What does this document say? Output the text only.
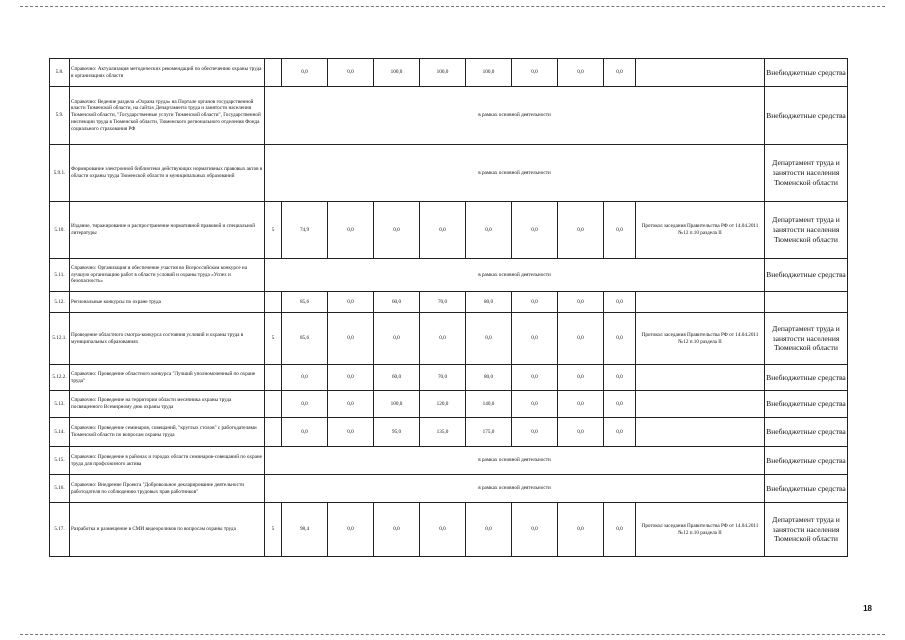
5.8.	Справочно: Актуализация методических рекомендаций по обеспечению охраны труда в организациях области		0,0	0,0	100,0	100,0	100,0	0,0	0,0	0,0		Внебюджетные средства
5.9.	Справочно: Ведение раздела «Охрана труда» на Портале органов государственной власти Тюменской области, на сайтах Департамента труда и занятости населения Тюменской области, "Государственные услуги Тюменской области", Государственной инспекции труда в Тюменской области, Тюменского регионального отделения Фонда социального страхования РФ	в рамках основной деятельности										Внебюджетные средства
5.9.1.	Формирование электронной библиотеки действующих нормативных правовых актов в области охраны труда Тюменской области и муниципальных образований	в рамках основной деятельности										Департамент труда и занятости населения Тюменской области
5.10.	Издание, тиражирование и распространение нормативной правовой и специальной литературы	5	74,9	0,0	0,0	0,0	0,0	0,0	0,0	0,0	Протокол заседания Правительства РФ от 14.04.2011 №12 п.10 раздела II	Департамент труда и занятости населения Тюменской области
5.11.	Справочно: Организация и обеспечение участия во Всероссийском конкурсе на лучшую организацию работ в области условий и охраны труда «Успех и безопасность»	в рамках основной деятельности										Внебюджетные средства
5.12.	Региональные конкурсы по охране труда		85,6	0,0	60,0	70,0	80,0	0,0	0,0	0,0		
5.12.1.	Проведение областного смотра-конкурса состояния условий и охраны труда в муниципальных образованиях	5	85,6	0,0	0,0	0,0	0,0	0,0	0,0	0,0	Протокол заседания Правительства РФ от 14.04.2011 №12 п.10 раздела II	Департамент труда и занятости населения Тюменской области
5.12.2.	Справочно: Проведение областного конкурса "Лучший уполномоченный по охране труда"		0,0	0,0	60,0	70,0	80,0	0,0	0,0	0,0		Внебюджетные средства
5.13.	Справочно: Проведение на территории области месячника охраны труда посвященного Всемирному дню охраны труда		0,0	0,0	100,0	120,0	140,0	0,0	0,0	0,0		Внебюджетные средства
5.14.	Справочно: Проведение семинаров, совещаний, "круглых столов" с работодателями Тюменской области по вопросам охраны труда		0,0	0,0	95,0	135,0	175,0	0,0	0,0	0,0		Внебюджетные средства
5.15.	Справочно: Проведение в районах и городах области семинаров-совещаний по охране труда для профсоюзного актива	в рамках основной деятельности										Внебюджетные средства
5.16.	Справочно: Внедрение Проекта "Добровольное декларирование деятельности работодателя по соблюдению трудовых прав работников"	в рамках основной деятельности										Внебюджетные средства
5.17.	Разработка и размещение в СМИ видеороликов по вопросам охраны труда	5	98,4	0,0	0,0	0,0	0,0	0,0	0,0	0,0	Протокол заседания Правительства РФ от 14.04.2011 №12 п.10 раздела II	Департамент труда и занятости населения Тюменской области
18
